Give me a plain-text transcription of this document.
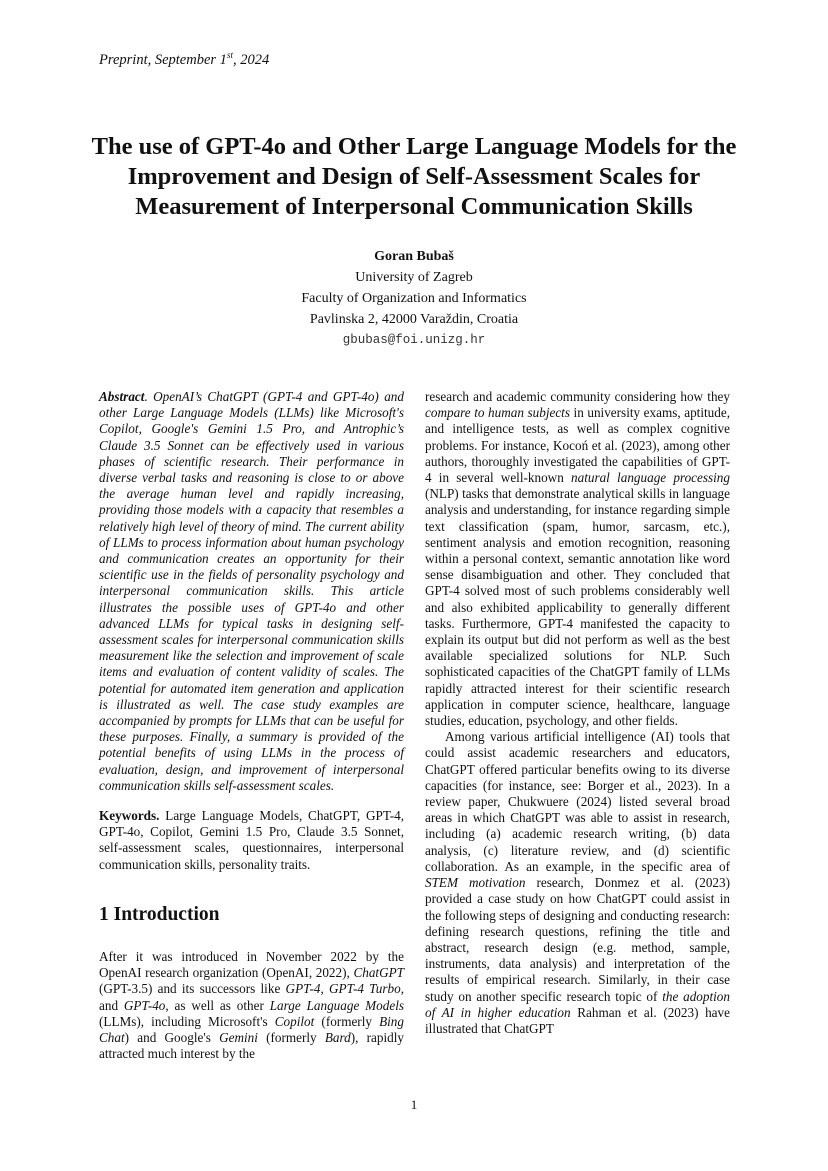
Preprint, September 1st, 2024
The use of GPT-4o and Other Large Language Models for the Improvement and Design of Self-Assessment Scales for Measurement of Interpersonal Communication Skills
Goran Bubaš
University of Zagreb
Faculty of Organization and Informatics
Pavlinska 2, 42000 Varaždin, Croatia
gbubas@foi.unizg.hr

Abstract. OpenAI’s ChatGPT (GPT-4 and GPT-4o) and other Large Language Models (LLMs) like Microsoft's Copilot, Google's Gemini 1.5 Pro, and Antrophic’s Claude 3.5 Sonnet can be effectively used in various phases of scientific research. Their performance in diverse verbal tasks and reasoning is close to or above the average human level and rapidly increasing, providing those models with a capacity that resembles a relatively high level of theory of mind. The current ability of LLMs to process information about human psychology and communication creates an opportunity for their scientific use in the fields of personality psychology and interpersonal communication skills. This article illustrates the possible uses of GPT-4o and other advanced LLMs for typical tasks in designing self-assessment scales for interpersonal communication skills measurement like the selection and improvement of scale items and evaluation of content validity of scales. The potential for automated item generation and application is illustrated as well. The case study examples are accompanied by prompts for LLMs that can be useful for these purposes. Finally, a summary is provided of the potential benefits of using LLMs in the process of evaluation, design, and improvement of interpersonal communication skills self-assessment scales.

Keywords. Large Language Models, ChatGPT, GPT-4, GPT-4o, Copilot, Gemini 1.5 Pro, Claude 3.5 Sonnet, self-assessment scales, questionnaires, interpersonal communication skills, personality traits.

1 Introduction

After it was introduced in November 2022 by the OpenAI research organization (OpenAI, 2022), ChatGPT (GPT-3.5) and its successors like GPT-4, GPT-4 Turbo, and GPT-4o, as well as other Large Language Models (LLMs), including Microsoft's Copilot (formerly Bing Chat) and Google's Gemini (formerly Bard), rapidly attracted much interest by the

research and academic community considering how they compare to human subjects in university exams, aptitude, and intelligence tests, as well as complex cognitive problems. For instance, Kocoń et al. (2023), among other authors, thoroughly investigated the capabilities of GPT-4 in several well-known natural language processing (NLP) tasks that demonstrate analytical skills in language analysis and understanding, for instance regarding simple text classification (spam, humor, sarcasm, etc.), sentiment analysis and emotion recognition, reasoning within a personal context, semantic annotation like word sense disambiguation and other. They concluded that GPT-4 solved most of such problems considerably well and also exhibited applicability to generally different tasks. Furthermore, GPT-4 manifested the capacity to explain its output but did not perform as well as the best available specialized solutions for NLP. Such sophisticated capacities of the ChatGPT family of LLMs rapidly attracted interest for their scientific research application in computer science, healthcare, language studies, education, psychology, and other fields.

Among various artificial intelligence (AI) tools that could assist academic researchers and educators, ChatGPT offered particular benefits owing to its diverse capacities (for instance, see: Borger et al., 2023). In a review paper, Chukwuere (2024) listed several broad areas in which ChatGPT was able to assist in research, including (a) academic research writing, (b) data analysis, (c) literature review, and (d) scientific collaboration. As an example, in the specific area of STEM motivation research, Donmez et al. (2023) provided a case study on how ChatGPT could assist in the following steps of designing and conducting research: defining research questions, refining the title and abstract, research design (e.g. method, sample, instruments, data analysis) and interpretation of the results of empirical research. Similarly, in their case study on another specific research topic of the adoption of AI in higher education Rahman et al. (2023) have illustrated that ChatGPT

1
